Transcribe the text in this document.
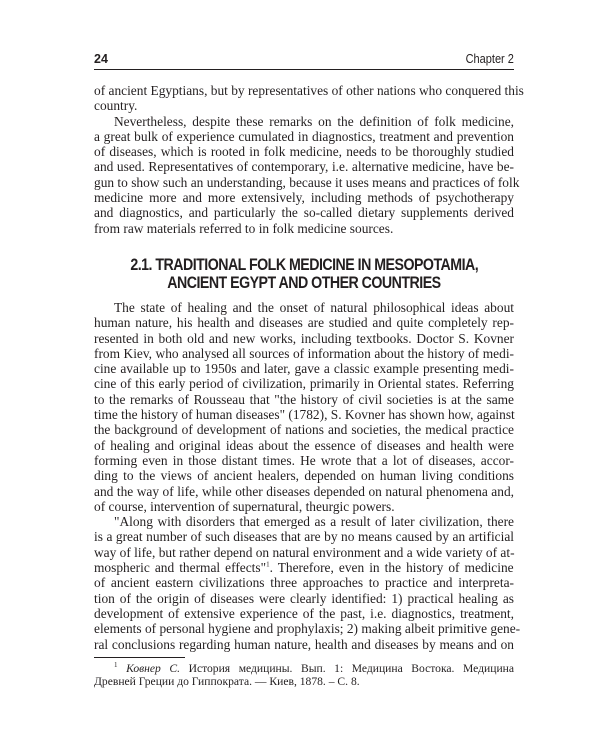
24	Chapter 2
of ancient Egyptians, but by representatives of other nations who conquered this
country.
Nevertheless, despite these remarks on the definition of folk medicine,
a great bulk of experience cumulated in diagnostics, treatment and prevention
of diseases, which is rooted in folk medicine, needs to be thoroughly studied
and used. Representatives of contemporary, i.e. alternative medicine, have be-
gun to show such an understanding, because it uses means and practices of folk
medicine more and more extensively, including methods of psychotherapy
and diagnostics, and particularly the so-called dietary supplements derived
from raw materials referred to in folk medicine sources.
2.1. TRADITIONAL FOLK MEDICINE IN MESOPOTAMIA,
ANCIENT EGYPT AND OTHER COUNTRIES
The state of healing and the onset of natural philosophical ideas about
human nature, his health and diseases are studied and quite completely rep-
resented in both old and new works, including textbooks. Doctor S. Kovner
from Kiev, who analysed all sources of information about the history of medi-
cine available up to 1950s and later, gave a classic example presenting medi-
cine of this early period of civilization, primarily in Oriental states. Referring
to the remarks of Rousseau that "the history of civil societies is at the same
time the history of human diseases" (1782), S. Kovner has shown how, against
the background of development of nations and societies, the medical practice
of healing and original ideas about the essence of diseases and health were
forming even in those distant times. He wrote that a lot of diseases, accor-
ding to the views of ancient healers, depended on human living conditions
and the way of life, while other diseases depended on natural phenomena and,
of course, intervention of supernatural, theurgic powers.
"Along with disorders that emerged as a result of later civilization, there
is a great number of such diseases that are by no means caused by an artificial
way of life, but rather depend on natural environment and a wide variety of at-
mospheric and thermal effects"$^1$. Therefore, even in the history of medicine
of ancient eastern civilizations three approaches to practice and interpreta-
tion of the origin of diseases were clearly identified: 1) practical healing as
development of extensive experience of the past, i.e. diagnostics, treatment,
elements of personal hygiene and prophylaxis; 2) making albeit primitive gene-
ral conclusions regarding human nature, health and diseases by means and on
$^1$ Ковнер С. История медицины. Вып. 1: Медицина Востока. Медицина
Древней Греции до Гиппократа. — Киев, 1878. – С. 8.
